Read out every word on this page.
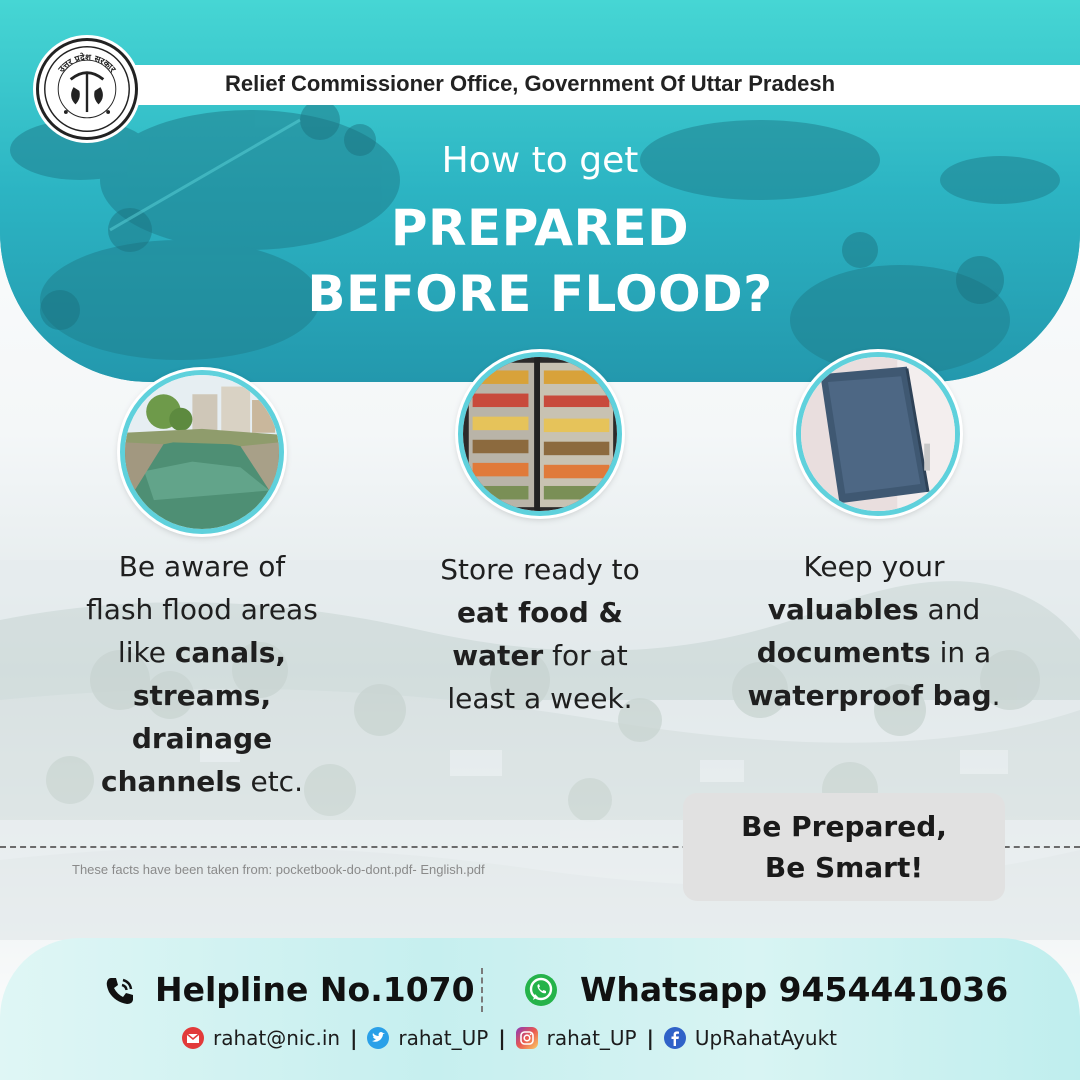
Relief Commissioner Office, Government Of Uttar Pradesh
उत्तर प्रदेश सरकार
How to get
PREPARED
BEFORE FLOOD?
Be aware of
flash flood areas
like canals,
streams,
drainage
channels etc.
Store ready to
eat food &
water for at
least a week.
Keep your
valuables and
documents in a
waterproof bag.
These facts have been taken from: pocketbook-do-dont.pdf- English.pdf
Be Prepared,
Be Smart!
Helpline No.1070	Whatsapp 9454441036
rahat@nic.in | rahat_UP | rahat_UP | UpRahatAyukt
